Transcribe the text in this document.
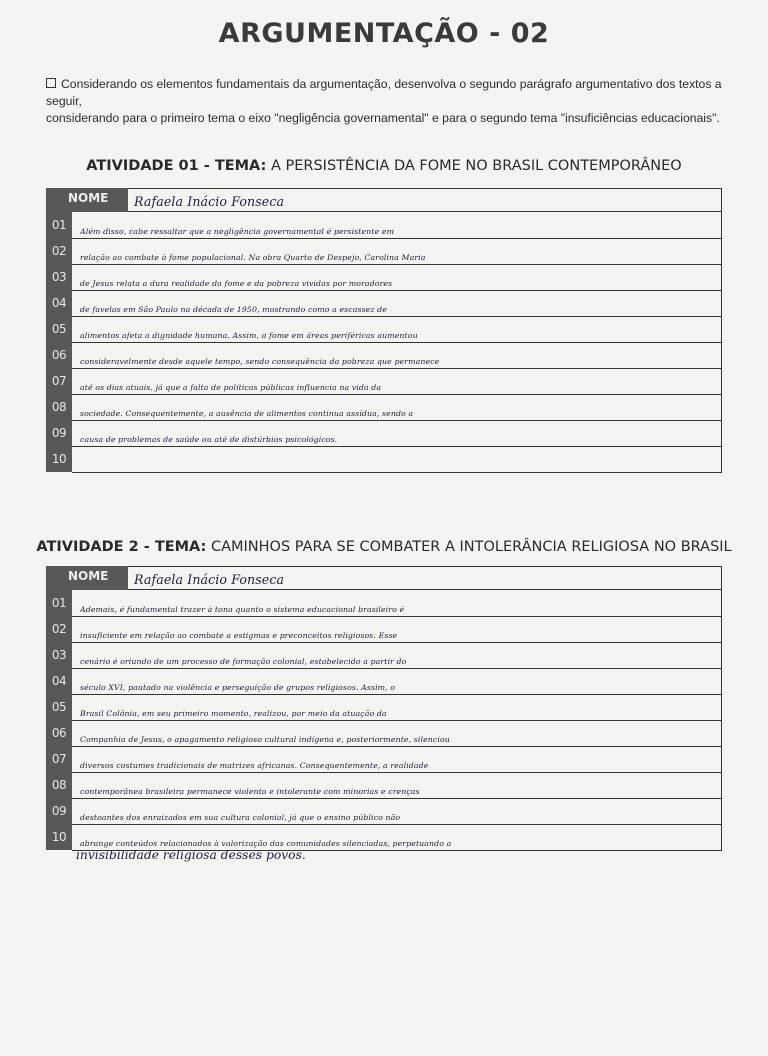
ARGUMENTAÇÃO - 02
Considerando os elementos fundamentais da argumentação, desenvolva o segundo parágrafo argumentativo dos textos a seguir,
considerando para o primeiro tema o eixo "negligência governamental" e para o segundo tema "insuficiências educacionais".
ATIVIDADE 01 - TEMA: A PERSISTÊNCIA DA FOME NO BRASIL CONTEMPORÂNEO
NOME	Rafaela Inácio Fonseca
01	Além disso, cabe ressaltar que a negligência governamental é persistente em
02	relação ao combate à fome populacional. Na obra Quarto de Despejo, Carolina Maria
03	de Jesus relata a dura realidade da fome e da pobreza vividas por moradores
04	de favelas em São Paulo na década de 1950, mostrando como a escassez de
05	alimentos afeta a dignidade humana. Assim, a fome em áreas periféricas aumentou
06	consideravelmente desde aquele tempo, sendo consequência da pobreza que permanece
07	até os dias atuais, já que a falta de políticas públicas influencia na vida da
08	sociedade. Consequentemente, a ausência de alimentos continua assídua, sendo a
09	causa de problemas de saúde ou até de distúrbios psicológicos.
10
ATIVIDADE 2 - TEMA: CAMINHOS PARA SE COMBATER A INTOLERÂNCIA RELIGIOSA NO BRASIL
NOME	Rafaela Inácio Fonseca
01	Ademais, é fundamental trazer à tona quanto o sistema educacional brasileiro é
02	insuficiente em relação ao combate a estigmas e preconceitos religiosos. Esse
03	cenário é oriundo de um processo de formação colonial, estabelecido a partir do
04	século XVI, pautado na violência e perseguição de grupos religiosos. Assim, o
05	Brasil Colônia, em seu primeiro momento, realizou, por meio da atuação da
06	Companhia de Jesus, o apagamento religioso cultural indígena e, posteriormente, silenciou
07	diversos costumes tradicionais de matrizes africanas. Consequentemente, a realidade
08	contemporânea brasileira permanece violenta e intolerante com minorias e crenças
09	destoantes dos enraizados em sua cultura colonial, já que o ensino público não
10	abrange conteúdos relacionados à valorização das comunidades silenciadas, perpetuando a
invisibilidade religiosa desses povos.
